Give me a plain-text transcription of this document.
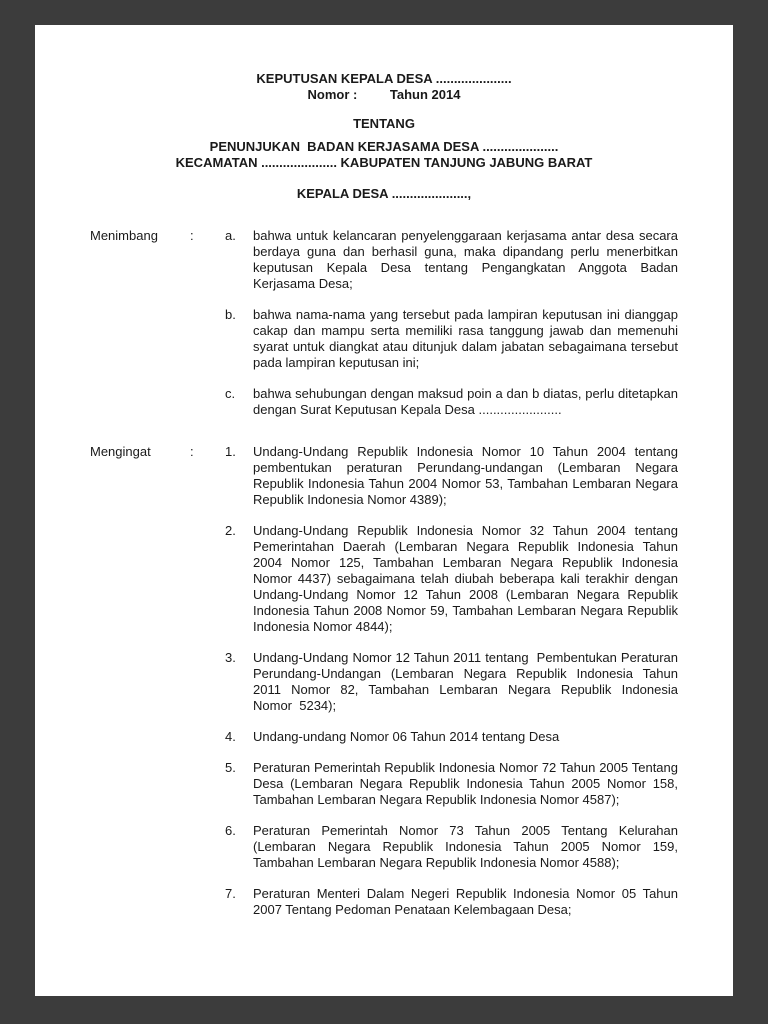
KEPUTUSAN KEPALA DESA .....................
Nomor :         Tahun 2014
TENTANG
PENUNJUKAN  BADAN KERJASAMA DESA .....................
KECAMATAN ..................... KABUPATEN TANJUNG JABUNG BARAT
KEPALA DESA .....................,
Menimbang	:	a.	bahwa untuk kelancaran penyelenggaraan kerjasama antar desa secara berdaya guna dan berhasil guna, maka dipandang perlu menerbitkan keputusan Kepala Desa tentang Pengangkatan Anggota Badan Kerjasama Desa;
b.	bahwa nama-nama yang tersebut pada lampiran keputusan ini dianggap cakap dan mampu serta memiliki rasa tanggung jawab dan memenuhi syarat untuk diangkat atau ditunjuk dalam jabatan sebagaimana tersebut pada lampiran keputusan ini;
c.	bahwa sehubungan dengan maksud poin a dan b diatas, perlu ditetapkan dengan Surat Keputusan Kepala Desa .......................
Mengingat	:	1.	Undang-Undang Republik Indonesia Nomor 10 Tahun 2004 tentang pembentukan peraturan Perundang-undangan (Lembaran Negara Republik Indonesia Tahun 2004 Nomor 53, Tambahan Lembaran Negara Republik Indonesia Nomor 4389);
2.	Undang-Undang Republik Indonesia Nomor 32 Tahun 2004 tentang Pemerintahan Daerah (Lembaran Negara Republik Indonesia Tahun 2004 Nomor 125, Tambahan Lembaran Negara Republik Indonesia Nomor 4437) sebagaimana telah diubah beberapa kali terakhir dengan Undang-Undang Nomor 12 Tahun 2008 (Lembaran Negara Republik Indonesia Tahun 2008 Nomor 59, Tambahan Lembaran Negara Republik Indonesia Nomor 4844);
3.	Undang-Undang Nomor 12 Tahun 2011 tentang  Pembentukan Peraturan Perundang-Undangan (Lembaran Negara Republik Indonesia Tahun 2011 Nomor 82, Tambahan Lembaran Negara Republik Indonesia Nomor  5234);
4.	Undang-undang Nomor 06 Tahun 2014 tentang Desa
5.	Peraturan Pemerintah Republik Indonesia Nomor 72 Tahun 2005 Tentang Desa (Lembaran Negara Republik Indonesia Tahun 2005 Nomor 158, Tambahan Lembaran Negara Republik Indonesia Nomor 4587);
6.	Peraturan Pemerintah Nomor 73 Tahun 2005 Tentang Kelurahan (Lembaran Negara Republik Indonesia Tahun 2005 Nomor 159, Tambahan Lembaran Negara Republik Indonesia Nomor 4588);
7.	Peraturan Menteri Dalam Negeri Republik Indonesia Nomor 05 Tahun 2007 Tentang Pedoman Penataan Kelembagaan Desa;
